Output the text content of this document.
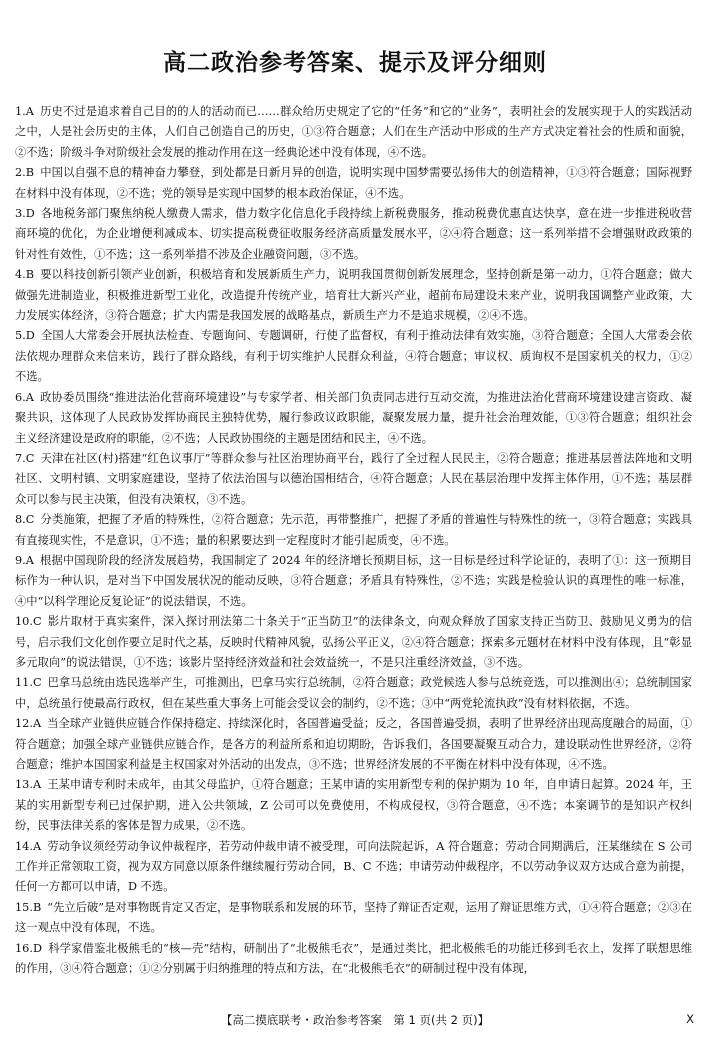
高二政治参考答案、提示及评分细则

1.A 历史不过是追求着自己目的的人的活动而已……群众给历史规定了它的“任务”和它的“业务”，表明社会的发展实现于人的实践活动之中，人是社会历史的主体，人们自己创造自己的历史，①③符合题意；人们在生产活动中形成的生产方式决定着社会的性质和面貌，②不选；阶级斗争对阶级社会发展的推动作用在这一经典论述中没有体现，④不选。

2.B 中国以自强不息的精神奋力攀登，到处都是日新月异的创造，说明实现中国梦需要弘扬伟大的创造精神，①③符合题意；国际视野在材料中没有体现，②不选；党的领导是实现中国梦的根本政治保证，④不选。

3.D 各地税务部门聚焦纳税人缴费人需求，借力数字化信息化手段持续上新税费服务，推动税费优惠直达快享，意在进一步推进税收营商环境的优化，为企业增便利减成本、切实提高税费征收服务经济高质量发展水平，②④符合题意；这一系列举措不会增强财政政策的针对性有效性，①不选；这一系列举措不涉及企业融资问题，③不选。

4.B 要以科技创新引领产业创新，积极培育和发展新质生产力，说明我国贯彻创新发展理念，坚持创新是第一动力，①符合题意；做大做强先进制造业，积极推进新型工业化，改造提升传统产业，培育壮大新兴产业，超前布局建设未来产业，说明我国调整产业政策，大力发展实体经济，③符合题意；扩大内需是我国发展的战略基点，新质生产力不是追求规模，②④不选。

5.D 全国人大常委会开展执法检查、专题询问、专题调研，行使了监督权，有利于推动法律有效实施，③符合题意；全国人大常委会依法依规办理群众来信来访，践行了群众路线，有利于切实维护人民群众利益，④符合题意；审议权、质询权不是国家机关的权力，①②不选。

6.A 政协委员围绕“推进法治化营商环境建设”与专家学者、相关部门负责同志进行互动交流，为推进法治化营商环境建设建言资政、凝聚共识，这体现了人民政协发挥协商民主独特优势，履行参政议政职能，凝聚发展力量，提升社会治理效能，①③符合题意；组织社会主义经济建设是政府的职能，②不选；人民政协围绕的主题是团结和民主，④不选。

7.C 天津在社区(村)搭建“红色议事厅”等群众参与社区治理协商平台，践行了全过程人民民主，②符合题意；推进基层普法阵地和文明社区、文明村镇、文明家庭建设，坚持了依法治国与以德治国相结合，④符合题意；人民在基层治理中发挥主体作用，①不选；基层群众可以参与民主决策，但没有决策权，③不选。

8.C 分类施策，把握了矛盾的特殊性，②符合题意；先示范，再带整推广，把握了矛盾的普遍性与特殊性的统一，③符合题意；实践具有直接现实性，不是意识，①不选；量的积累要达到一定程度时才能引起质变，④不选。

9.A 根据中国现阶段的经济发展趋势，我国制定了 2024 年的经济增长预期目标，这一目标是经过科学论证的，表明了①：这一预期目标作为一种认识，是对当下中国发展状况的能动反映，③符合题意；矛盾具有特殊性，②不选；实践是检验认识的真理性的唯一标准，④中“以科学理论反复论证”的说法错误，不选。

10.C 影片取材于真实案件，深入探讨刑法第二十条关于“正当防卫”的法律条文，向观众释放了国家支持正当防卫、鼓励见义勇为的信号，启示我们文化创作要立足时代之基，反映时代精神风貌，弘扬公平正义，②④符合题意；探索多元题材在材料中没有体现，且“彰显多元取向”的说法错误，①不选；该影片坚持经济效益和社会效益统一，不是只注重经济效益，③不选。

11.C 巴拿马总统由选民选举产生，可推测出，巴拿马实行总统制，②符合题意；政党候选人参与总统竞选，可以推测出④；总统制国家中，总统虽行使最高行政权，但在某些重大事务上可能会受议会的制约，②不选；③中“两党轮流执政”没有材料依据，不选。

12.A 当全球产业链供应链合作保持稳定、持续深化时，各国普遍受益；反之，各国普遍受损，表明了世界经济出现高度融合的局面，①符合题意；加强全球产业链供应链合作，是各方的利益所系和迫切期盼，告诉我们，各国要凝聚互动合力，建设联动性世界经济，②符合题意；维护本国国家利益是主权国家对外活动的出发点，③不选；世界经济发展的不平衡在材料中没有体现，④不选。

13.A 王某申请专利时未成年，由其父母监护，①符合题意；王某申请的实用新型专利的保护期为 10 年，自申请日起算。2024 年，王某的实用新型专利已过保护期，进入公共领域，Z 公司可以免费使用，不构成侵权，③符合题意，④不选；本案调节的是知识产权纠纷，民事法律关系的客体是智力成果，②不选。

14.A 劳动争议须经劳动争议仲裁程序，若劳动仲裁申请不被受理，可向法院起诉，A 符合题意；劳动合同期满后，汪某继续在 S 公司工作并正常领取工资，视为双方同意以原条件继续履行劳动合同，B、C 不选；申请劳动仲裁程序，不以劳动争议双方达成合意为前提，任何一方都可以申请，D 不选。

15.B “先立后破”是对事物既肯定又否定，是事物联系和发展的环节，坚持了辩证否定观，运用了辩证思维方式，①④符合题意；②③在这一观点中没有体现，不选。

16.D 科学家借鉴北极熊毛的“核—壳”结构，研制出了“北极熊毛衣”，是通过类比，把北极熊毛的功能迁移到毛衣上，发挥了联想思维的作用，③④符合题意；①②分别属于归纳推理的特点和方法，在“北极熊毛衣”的研制过程中没有体现，

【高二摸底联考・政治参考答案　第 1 页(共 2 页)】	X
